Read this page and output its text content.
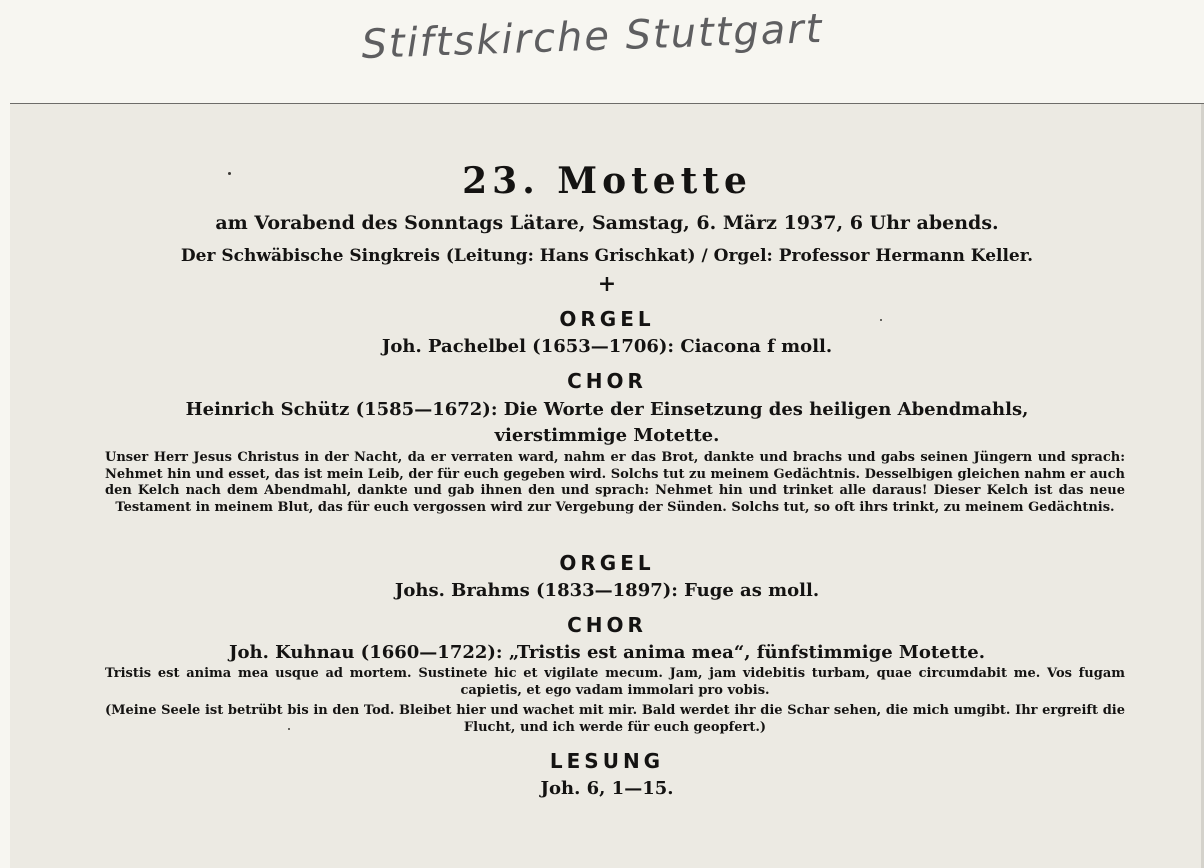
Stiftskirche Stuttgart
23. Motette
am Vorabend des Sonntags Lätare, Samstag, 6. März 1937, 6 Uhr abends.
Der Schwäbische Singkreis (Leitung: Hans Grischkat) / Orgel: Professor Hermann Keller.
+
ORGEL
Joh. Pachelbel (1653—1706): Ciacona f moll.
CHOR
Heinrich Schütz (1585—1672): Die Worte der Einsetzung des heiligen Abendmahls,
vierstimmige Motette.
Unser Herr Jesus Christus in der Nacht, da er verraten ward, nahm er das Brot, dankte und brachs und gabs seinen Jüngern und sprach: Nehmet hin und esset, das ist mein Leib, der für euch gegeben wird. Solchs tut zu meinem Gedächtnis. Desselbigen gleichen nahm er auch den Kelch nach dem Abendmahl, dankte und gab ihnen den und sprach: Nehmet hin und trinket alle daraus! Dieser Kelch ist das neue Testament in meinem Blut, das für euch vergossen wird zur Vergebung der Sünden. Solchs tut, so oft ihrs trinkt, zu meinem Gedächtnis.
ORGEL
Johs. Brahms (1833—1897): Fuge as moll.
CHOR
Joh. Kuhnau (1660—1722): „Tristis est anima mea“, fünfstimmige Motette.
Tristis est anima mea usque ad mortem. Sustinete hic et vigilate mecum. Jam, jam videbitis turbam, quae circumdabit me. Vos fugam capietis, et ego vadam immolari pro vobis.
(Meine Seele ist betrübt bis in den Tod. Bleibet hier und wachet mit mir. Bald werdet ihr die Schar sehen, die mich umgibt. Ihr ergreift die Flucht, und ich werde für euch geopfert.)
LESUNG
Joh. 6, 1—15.
